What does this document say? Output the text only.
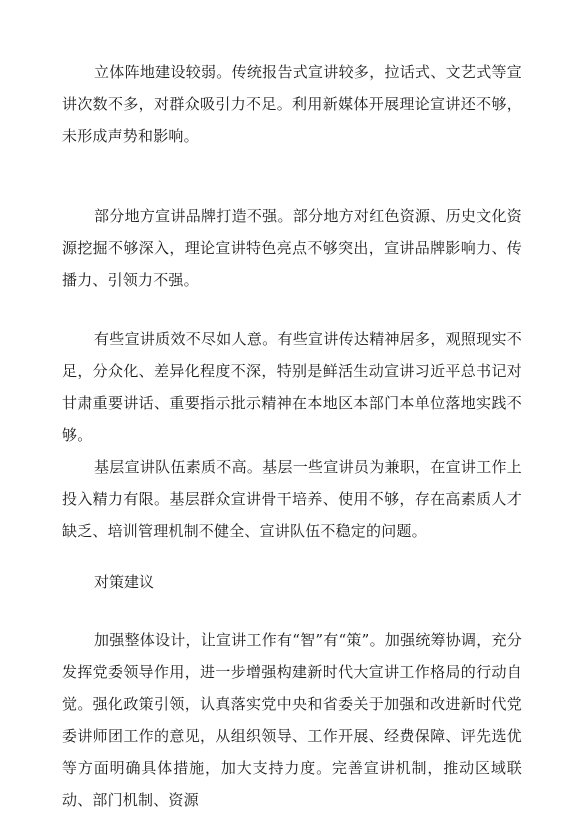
立体阵地建设较弱。传统报告式宣讲较多，拉话式、文艺式等宣讲次数不多，对群众吸引力不足。利用新媒体开展理论宣讲还不够，未形成声势和影响。

部分地方宣讲品牌打造不强。部分地方对红色资源、历史文化资源挖掘不够深入，理论宣讲特色亮点不够突出，宣讲品牌影响力、传播力、引领力不强。

有些宣讲质效不尽如人意。有些宣讲传达精神居多，观照现实不足，分众化、差异化程度不深，特别是鲜活生动宣讲习近平总书记对甘肃重要讲话、重要指示批示精神在本地区本部门本单位落地实践不够。

基层宣讲队伍素质不高。基层一些宣讲员为兼职，在宣讲工作上投入精力有限。基层群众宣讲骨干培养、使用不够，存在高素质人才缺乏、培训管理机制不健全、宣讲队伍不稳定的问题。

对策建议

加强整体设计，让宣讲工作有“智”有“策”。加强统筹协调，充分发挥党委领导作用，进一步增强构建新时代大宣讲工作格局的行动自觉。强化政策引领，认真落实党中央和省委关于加强和改进新时代党委讲师团工作的意见，从组织领导、工作开展、经费保障、评先选优等方面明确具体措施，加大支持力度。完善宣讲机制，推动区域联动、部门机制、资源
